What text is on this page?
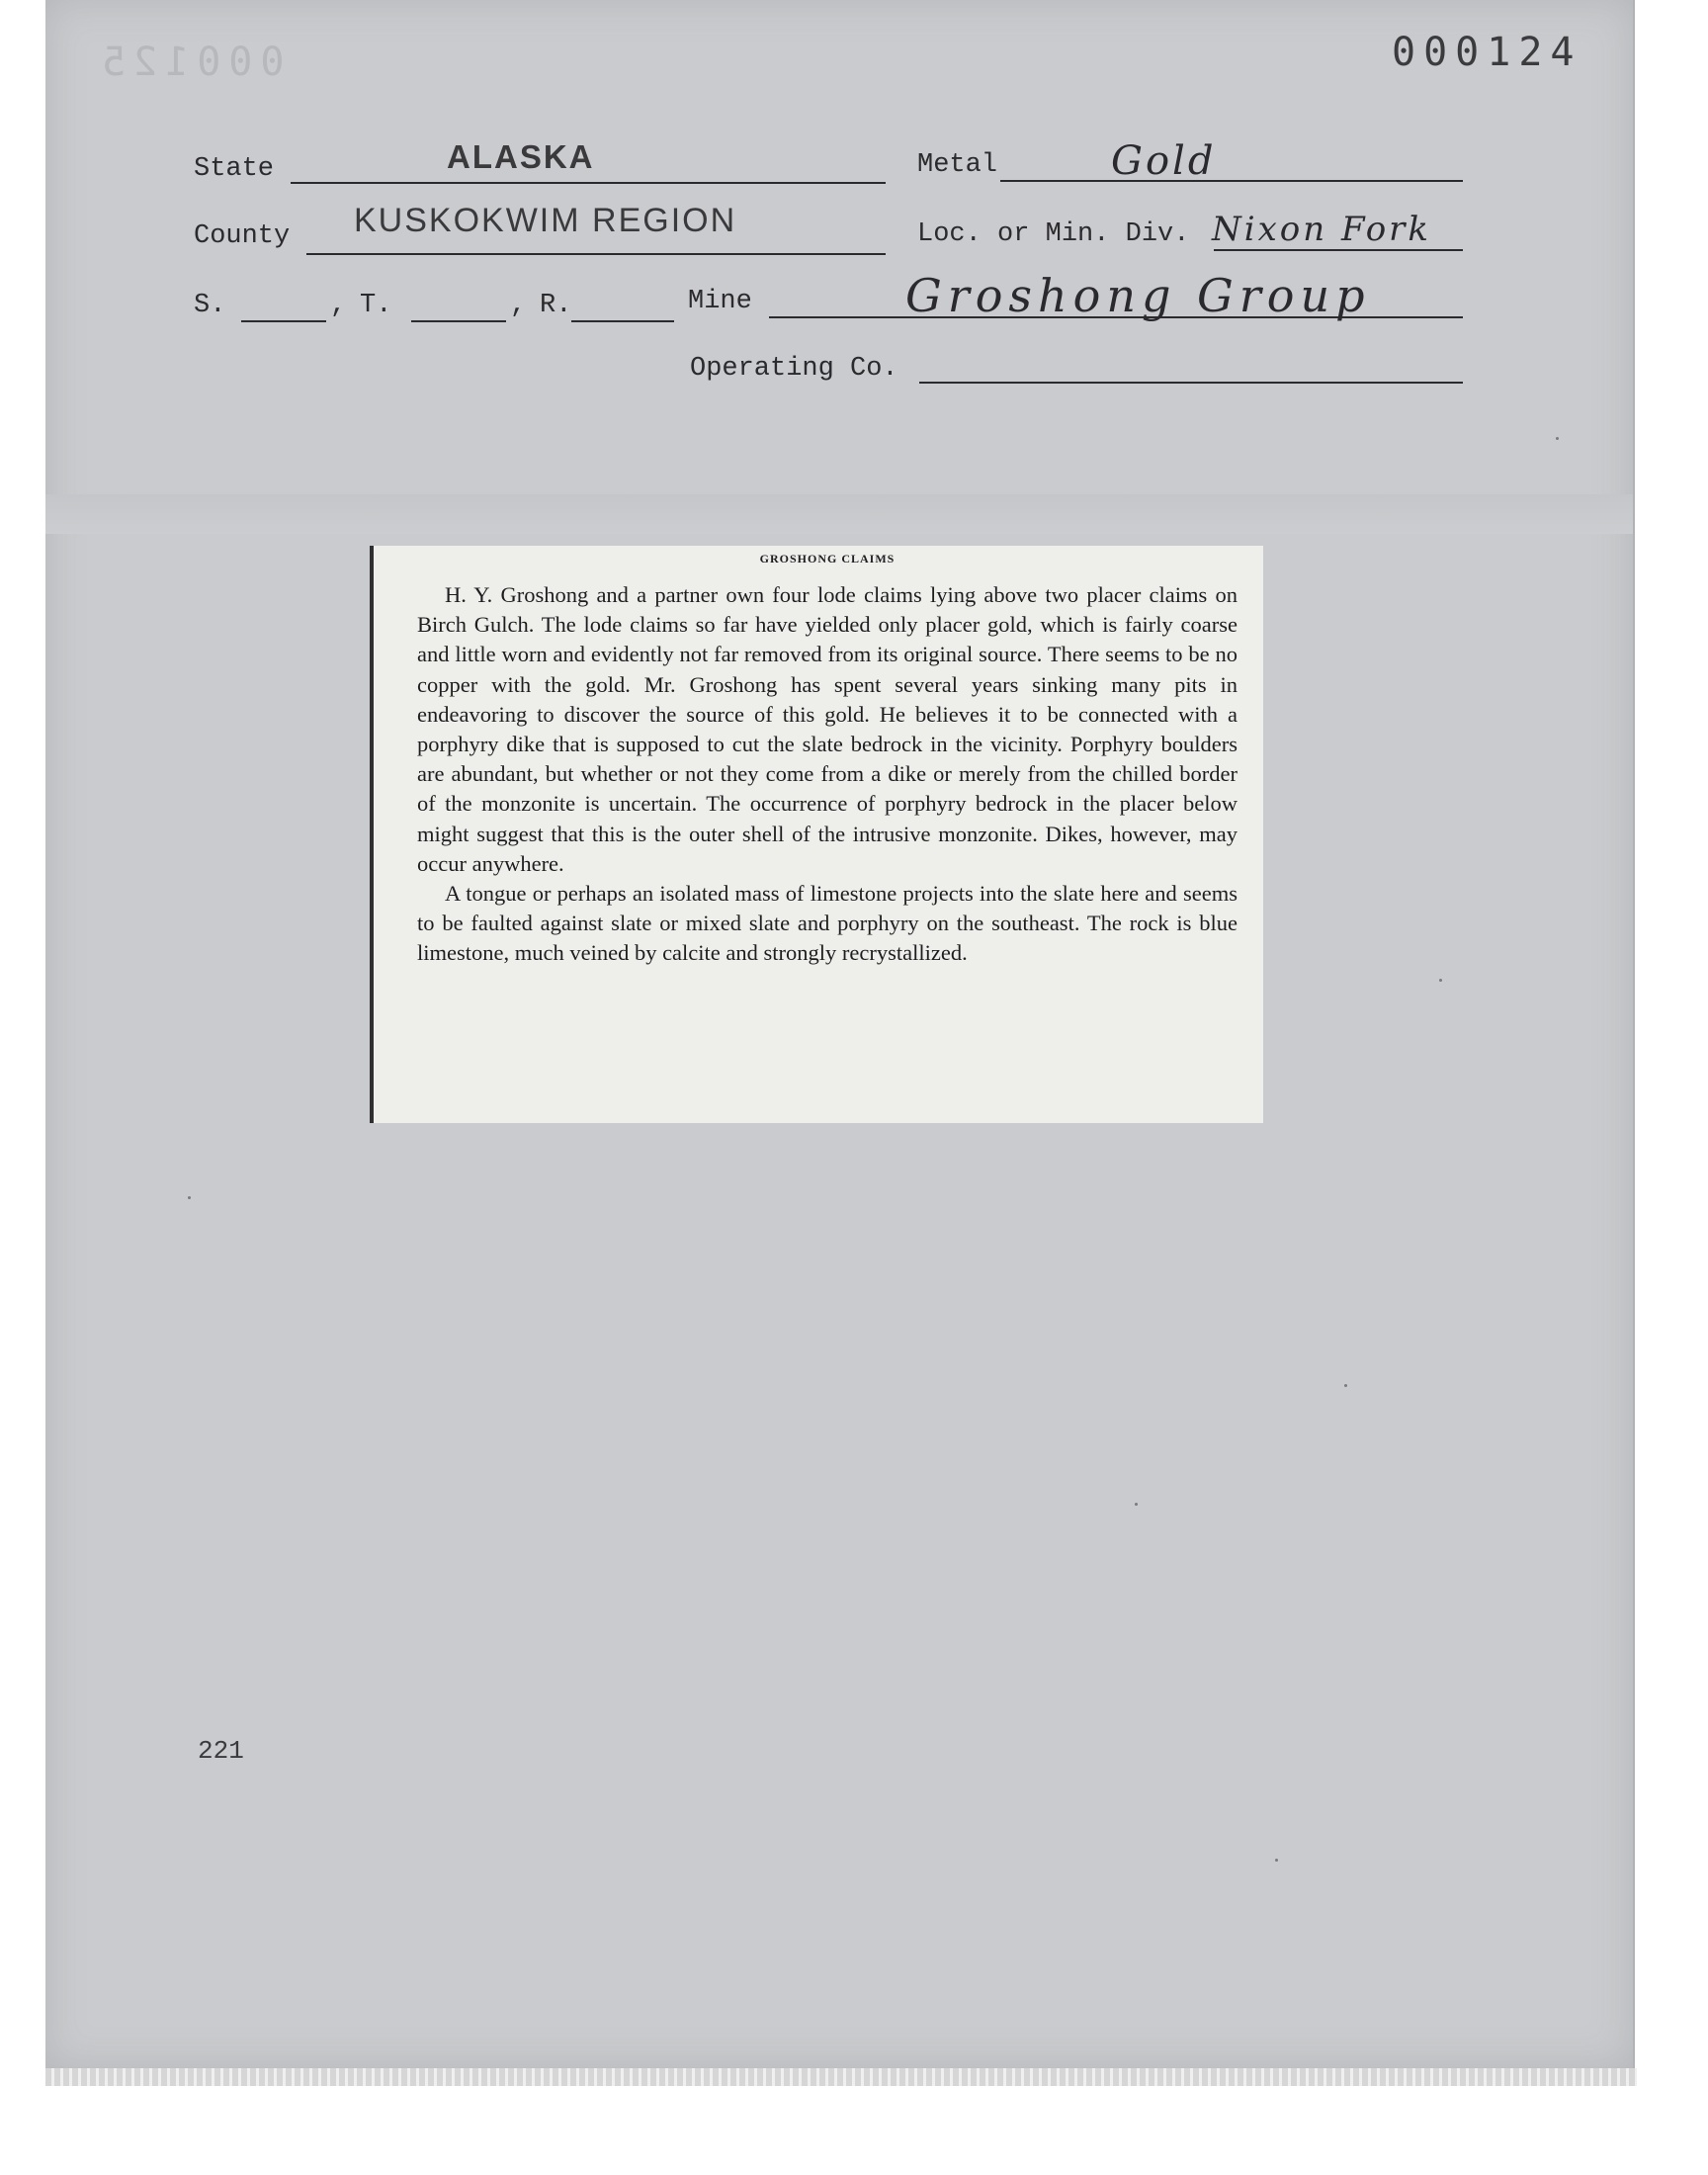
000125	000124
State	ALASKA	Metal	Gold
County KUSKOKWIM REGION	Loc. or Min. Div. Nixon Fork
S.	, T.	, R.	Mine	Groshong Group
Operating Co.
GROSHONG CLAIMS

H. Y. Groshong and a partner own four lode claims lying above two placer claims on Birch Gulch. The lode claims so far have yielded only placer gold, which is fairly coarse and little worn and evidently not far removed from its original source. There seems to be no copper with the gold. Mr. Groshong has spent several years sinking many pits in endeavoring to discover the source of this gold. He believes it to be connected with a porphyry dike that is supposed to cut the slate bedrock in the vicinity. Porphyry boulders are abundant, but whether or not they come from a dike or merely from the chilled border of the monzonite is uncertain. The occurrence of porphyry bedrock in the placer below might suggest that this is the outer shell of the intrusive monzonite. Dikes, however, may occur anywhere.

A tongue or perhaps an isolated mass of limestone projects into the slate here and seems to be faulted against slate or mixed slate and porphyry on the southeast. The rock is blue limestone, much veined by calcite and strongly recrystallized.

221
